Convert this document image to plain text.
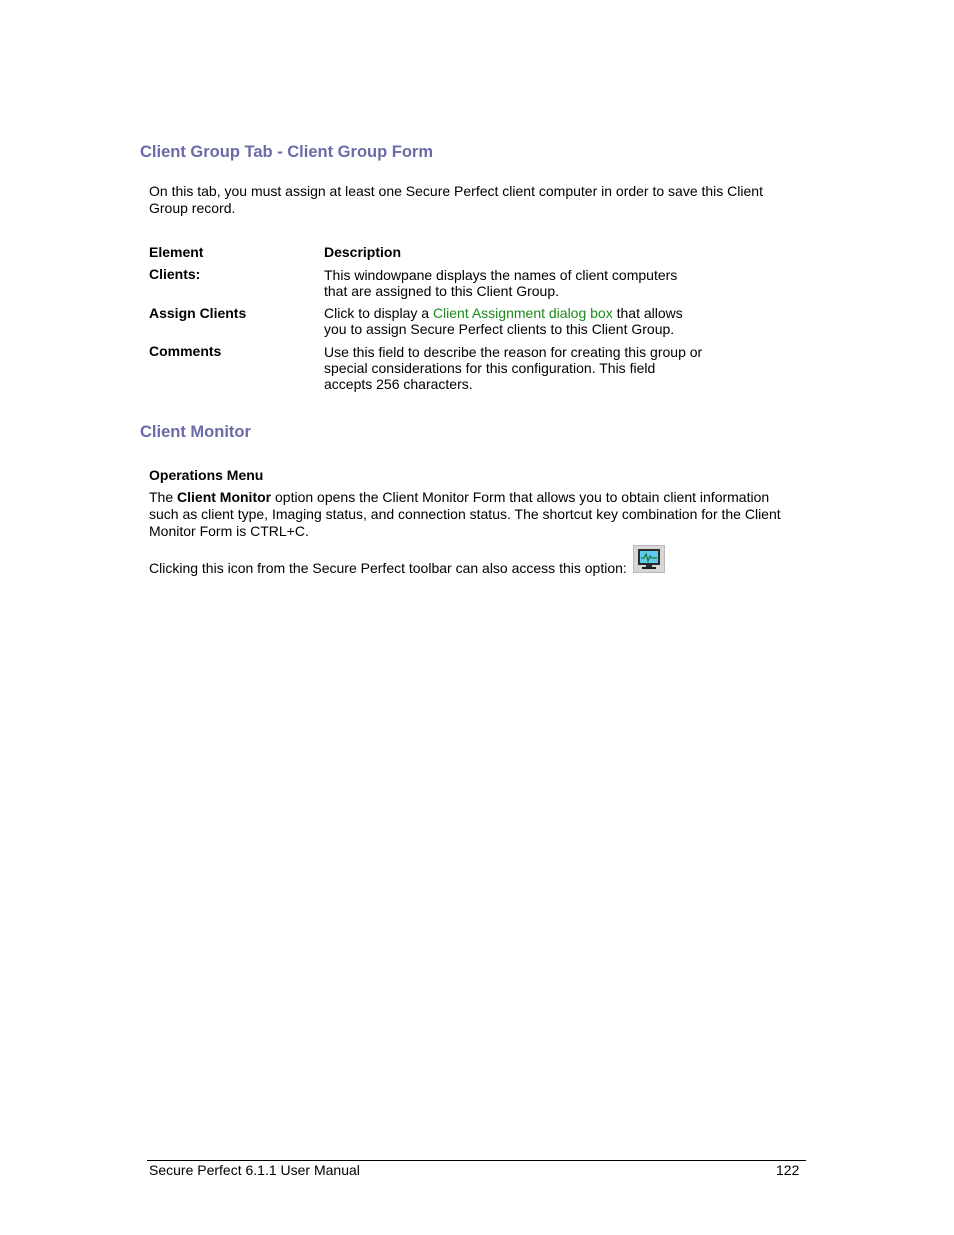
Client Group Tab - Client Group Form
On this tab, you must assign at least one Secure Perfect client computer in order to save this Client Group record.
Element	Description
Clients:	This windowpane displays the names of client computers
that are assigned to this Client Group.
Assign Clients	Click to display a Client Assignment dialog box that allows
you to assign Secure Perfect clients to this Client Group.
Comments	Use this field to describe the reason for creating this group or
special considerations for this configuration. This field
accepts 256 characters.
Client Monitor
Operations Menu
The Client Monitor option opens the Client Monitor Form that allows you to obtain client information
such as client type, Imaging status, and connection status. The shortcut key combination for the Client
Monitor Form is CTRL+C.
Clicking this icon from the Secure Perfect toolbar can also access this option:
Secure Perfect 6.1.1 User Manual	122
